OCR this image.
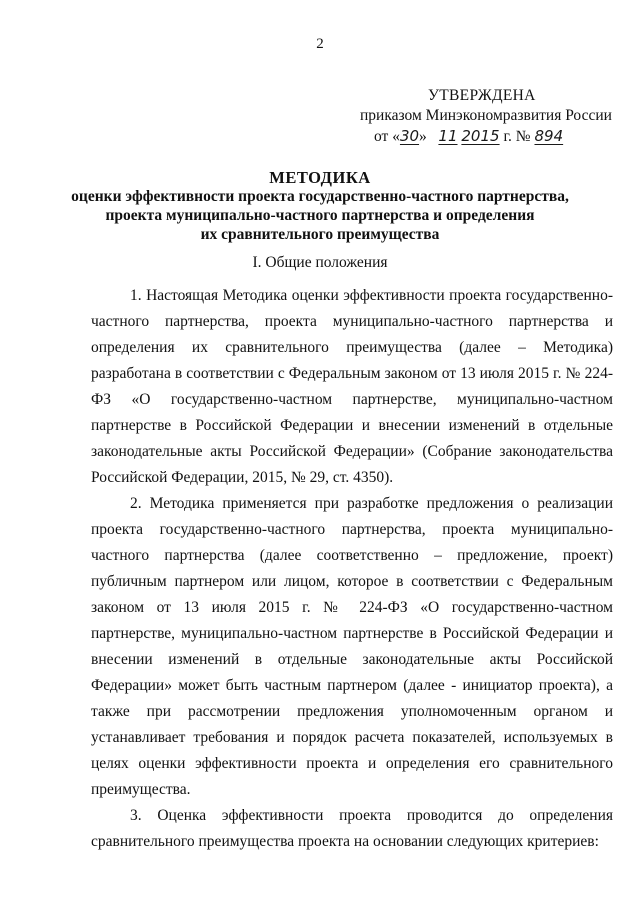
2
УТВЕРЖДЕНА
приказом Минэкономразвития России
от «30» 11 2015 г. № 894
МЕТОДИКА
оценки эффективности проекта государственно-частного партнерства,
проекта муниципально-частного партнерства и определения
их сравнительного преимущества
I. Общие положения

1. Настоящая Методика оценки эффективности проекта государственно-частного партнерства, проекта муниципально-частного партнерства и определения их сравнительного преимущества (далее – Методика) разработана в соответствии с Федеральным законом от 13 июля 2015 г. № 224-ФЗ «О государственно-частном партнерстве, муниципально-частном партнерстве в Российской Федерации и внесении изменений в отдельные законодательные акты Российской Федерации» (Собрание законодательства Российской Федерации, 2015, № 29, ст. 4350).

2. Методика применяется при разработке предложения о реализации проекта государственно-частного партнерства, проекта муниципально-частного партнерства (далее соответственно – предложение, проект) публичным партнером или лицом, которое в соответствии с Федеральным законом от 13 июля 2015 г. № 224-ФЗ «О государственно-частном партнерстве, муниципально-частном партнерстве в Российской Федерации и внесении изменений в отдельные законодательные акты Российской Федерации» может быть частным партнером (далее - инициатор проекта), а также при рассмотрении предложения уполномоченным органом и устанавливает требования и порядок расчета показателей, используемых в целях оценки эффективности проекта и определения его сравнительного преимущества.

3. Оценка эффективности проекта проводится до определения сравнительного преимущества проекта на основании следующих критериев:
